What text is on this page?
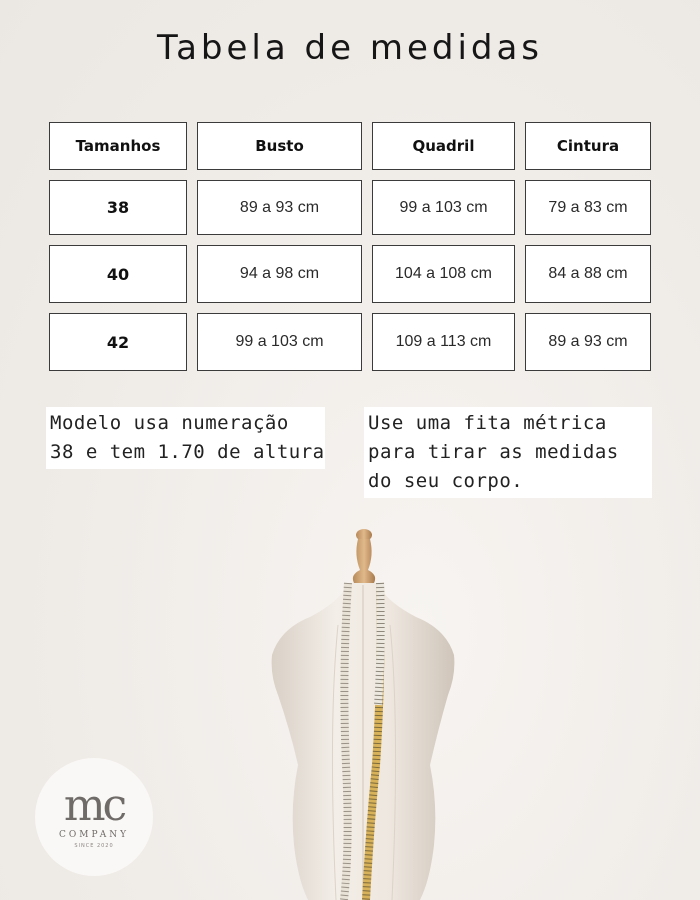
Tabela de medidas
Tamanhos	Busto	Quadril	Cintura
38	89 a 93 cm	99 a 103 cm	79 a 83 cm
40	94 a 98 cm	104 a 108 cm	84 a 88 cm
42	99 a 103 cm	109 a 113 cm	89 a 93 cm
Modelo usa numeração
38 e tem 1.70 de altura
Use uma fita métrica
para tirar as medidas
do seu corpo.
mc
COMPANY
SINCE 2020
